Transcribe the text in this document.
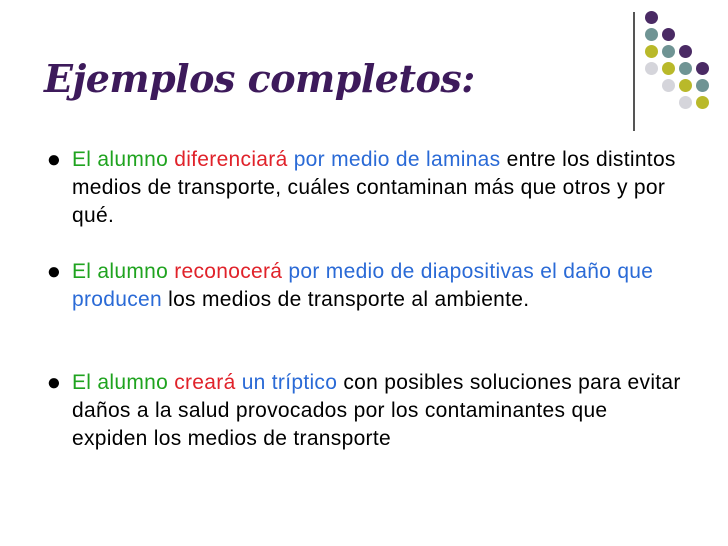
Ejemplos completos:
● El alumno diferenciará por medio de laminas entre los distintos medios de transporte, cuáles contaminan más que otros y por qué.
● El alumno reconocerá por medio de diapositivas el daño que producen los medios de transporte al ambiente.
● El alumno creará un tríptico con posibles soluciones para evitar daños a la salud provocados por los contaminantes que expiden los medios de transporte
